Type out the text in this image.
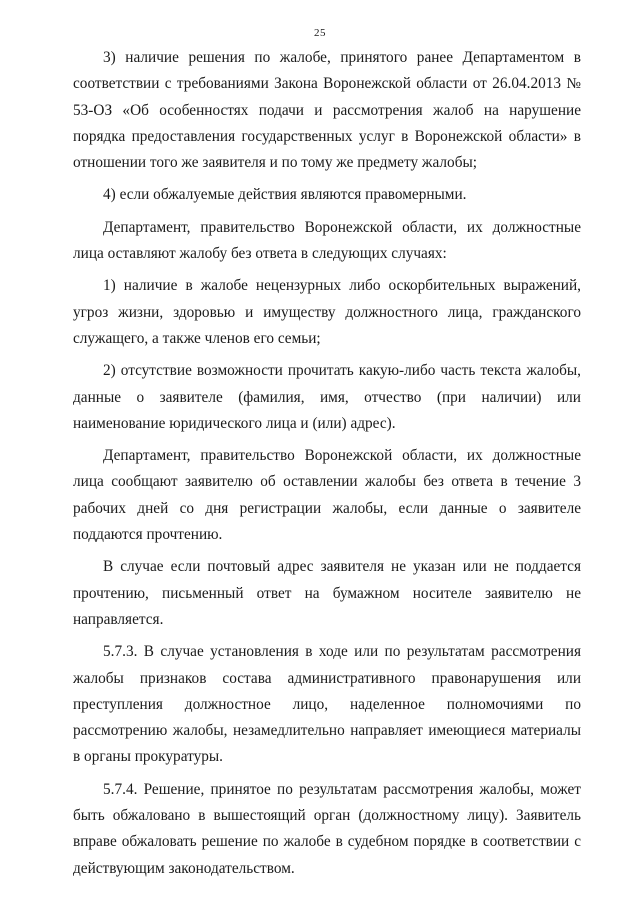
25

3) наличие решения по жалобе, принятого ранее Департаментом в соответствии с требованиями Закона Воронежской области от 26.04.2013 № 53-ОЗ «Об особенностях подачи и рассмотрения жалоб на нарушение порядка предоставления государственных услуг в Воронежской области» в отношении того же заявителя и по тому же предмету жалобы;

4) если обжалуемые действия являются правомерными.

Департамент, правительство Воронежской области, их должностные лица оставляют жалобу без ответа в следующих случаях:

1) наличие в жалобе нецензурных либо оскорбительных выражений, угроз жизни, здоровью и имуществу должностного лица, гражданского служащего, а также членов его семьи;

2) отсутствие возможности прочитать какую-либо часть текста жалобы, данные о заявителе (фамилия, имя, отчество (при наличии) или наименование юридического лица и (или) адрес).

Департамент, правительство Воронежской области, их должностные лица сообщают заявителю об оставлении жалобы без ответа в течение 3 рабочих дней со дня регистрации жалобы, если данные о заявителе поддаются прочтению.

В случае если почтовый адрес заявителя не указан или не поддается прочтению, письменный ответ на бумажном носителе заявителю не направляется.

5.7.3. В случае установления в ходе или по результатам рассмотрения жалобы признаков состава административного правонарушения или преступления должностное лицо, наделенное полномочиями по рассмотрению жалобы, незамедлительно направляет имеющиеся материалы в органы прокуратуры.

5.7.4. Решение, принятое по результатам рассмотрения жалобы, может быть обжаловано в вышестоящий орган (должностному лицу). Заявитель вправе обжаловать решение по жалобе в судебном порядке в соответствии с действующим законодательством.
